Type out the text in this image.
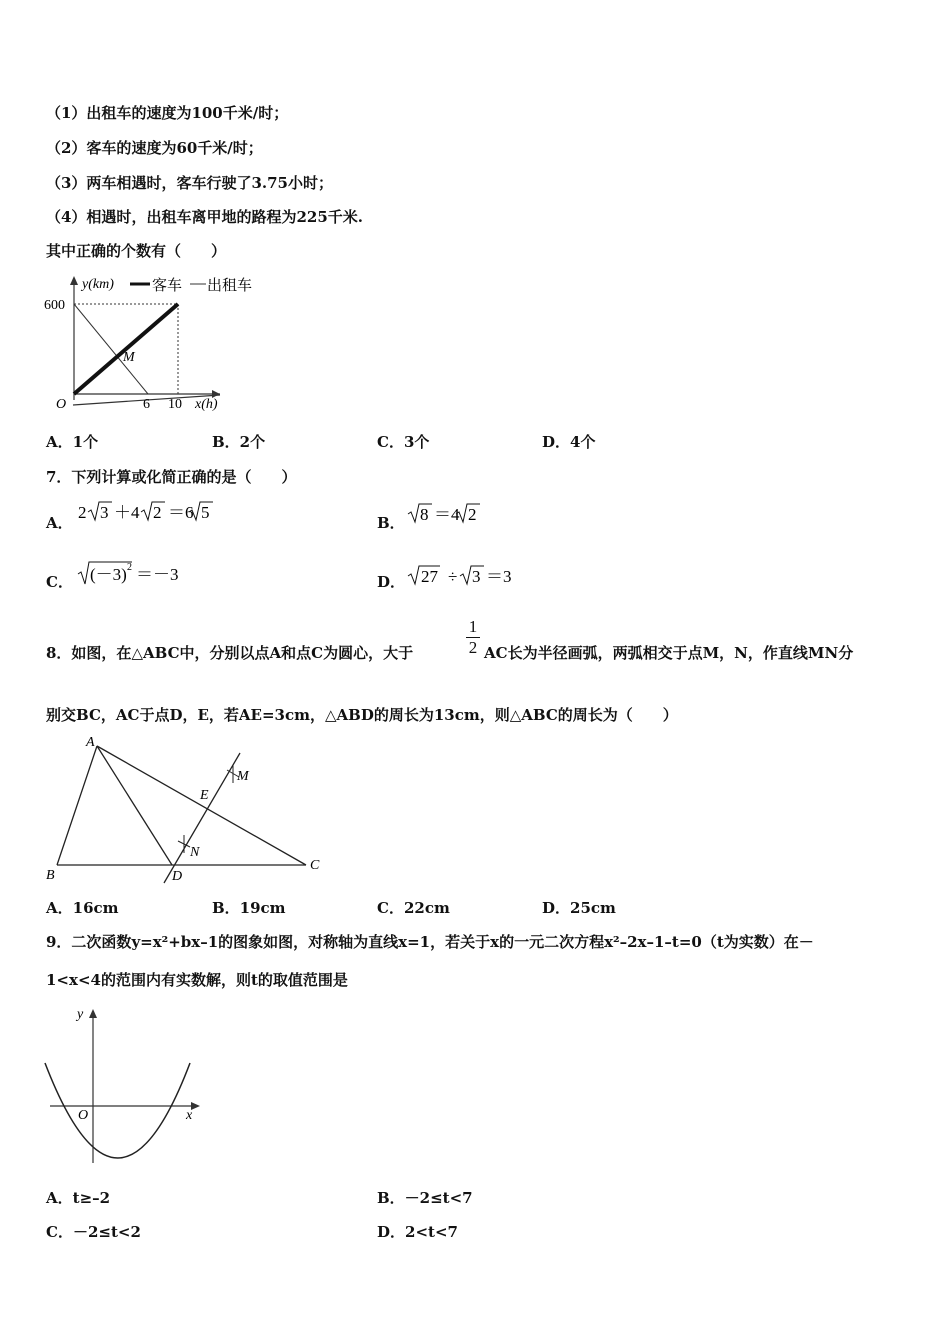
（1）出租车的速度为100千米/时；
（2）客车的速度为60千米/时；
（3）两车相遇时，客车行驶了3.75小时；
（4）相遇时，出租车离甲地的路程为225千米.
其中正确的个数有（　　）
y(km)	客车 出租车
600
O	6 10 x(h)
M
A．1个	B．2个	C．3个	D．4个
7．下列计算或化简正确的是（　　）
A．
2 3 ＋4 2 ＝6 5
B． 8 ＝4 2
C． (－3) 2 ＝－3	D． 27 ÷ 3 ＝3
8．如图，在△ABC中，分别以点A和点C为圆心，大于
1
2 AC长为半径画弧，两弧相交于点M，N，作直线MN分
别交BC，AC于点D，E，若AE=3cm，△ABD的周长为13cm，则△ABC的周长为（　　）
A
B
C
D
E
M
N
A．16cm	B．19cm	C．22cm	D．25cm
9．二次函数y=x²+bx–1的图象如图，对称轴为直线x=1，若关于x的一元二次方程x²–2x–1–t=0（t为实数）在－
1<x<4的范围内有实数解，则t的取值范围是
y
x
O
A．t≥–2	B．－2≤t<7
C．－2≤t<2	D．2<t<7
